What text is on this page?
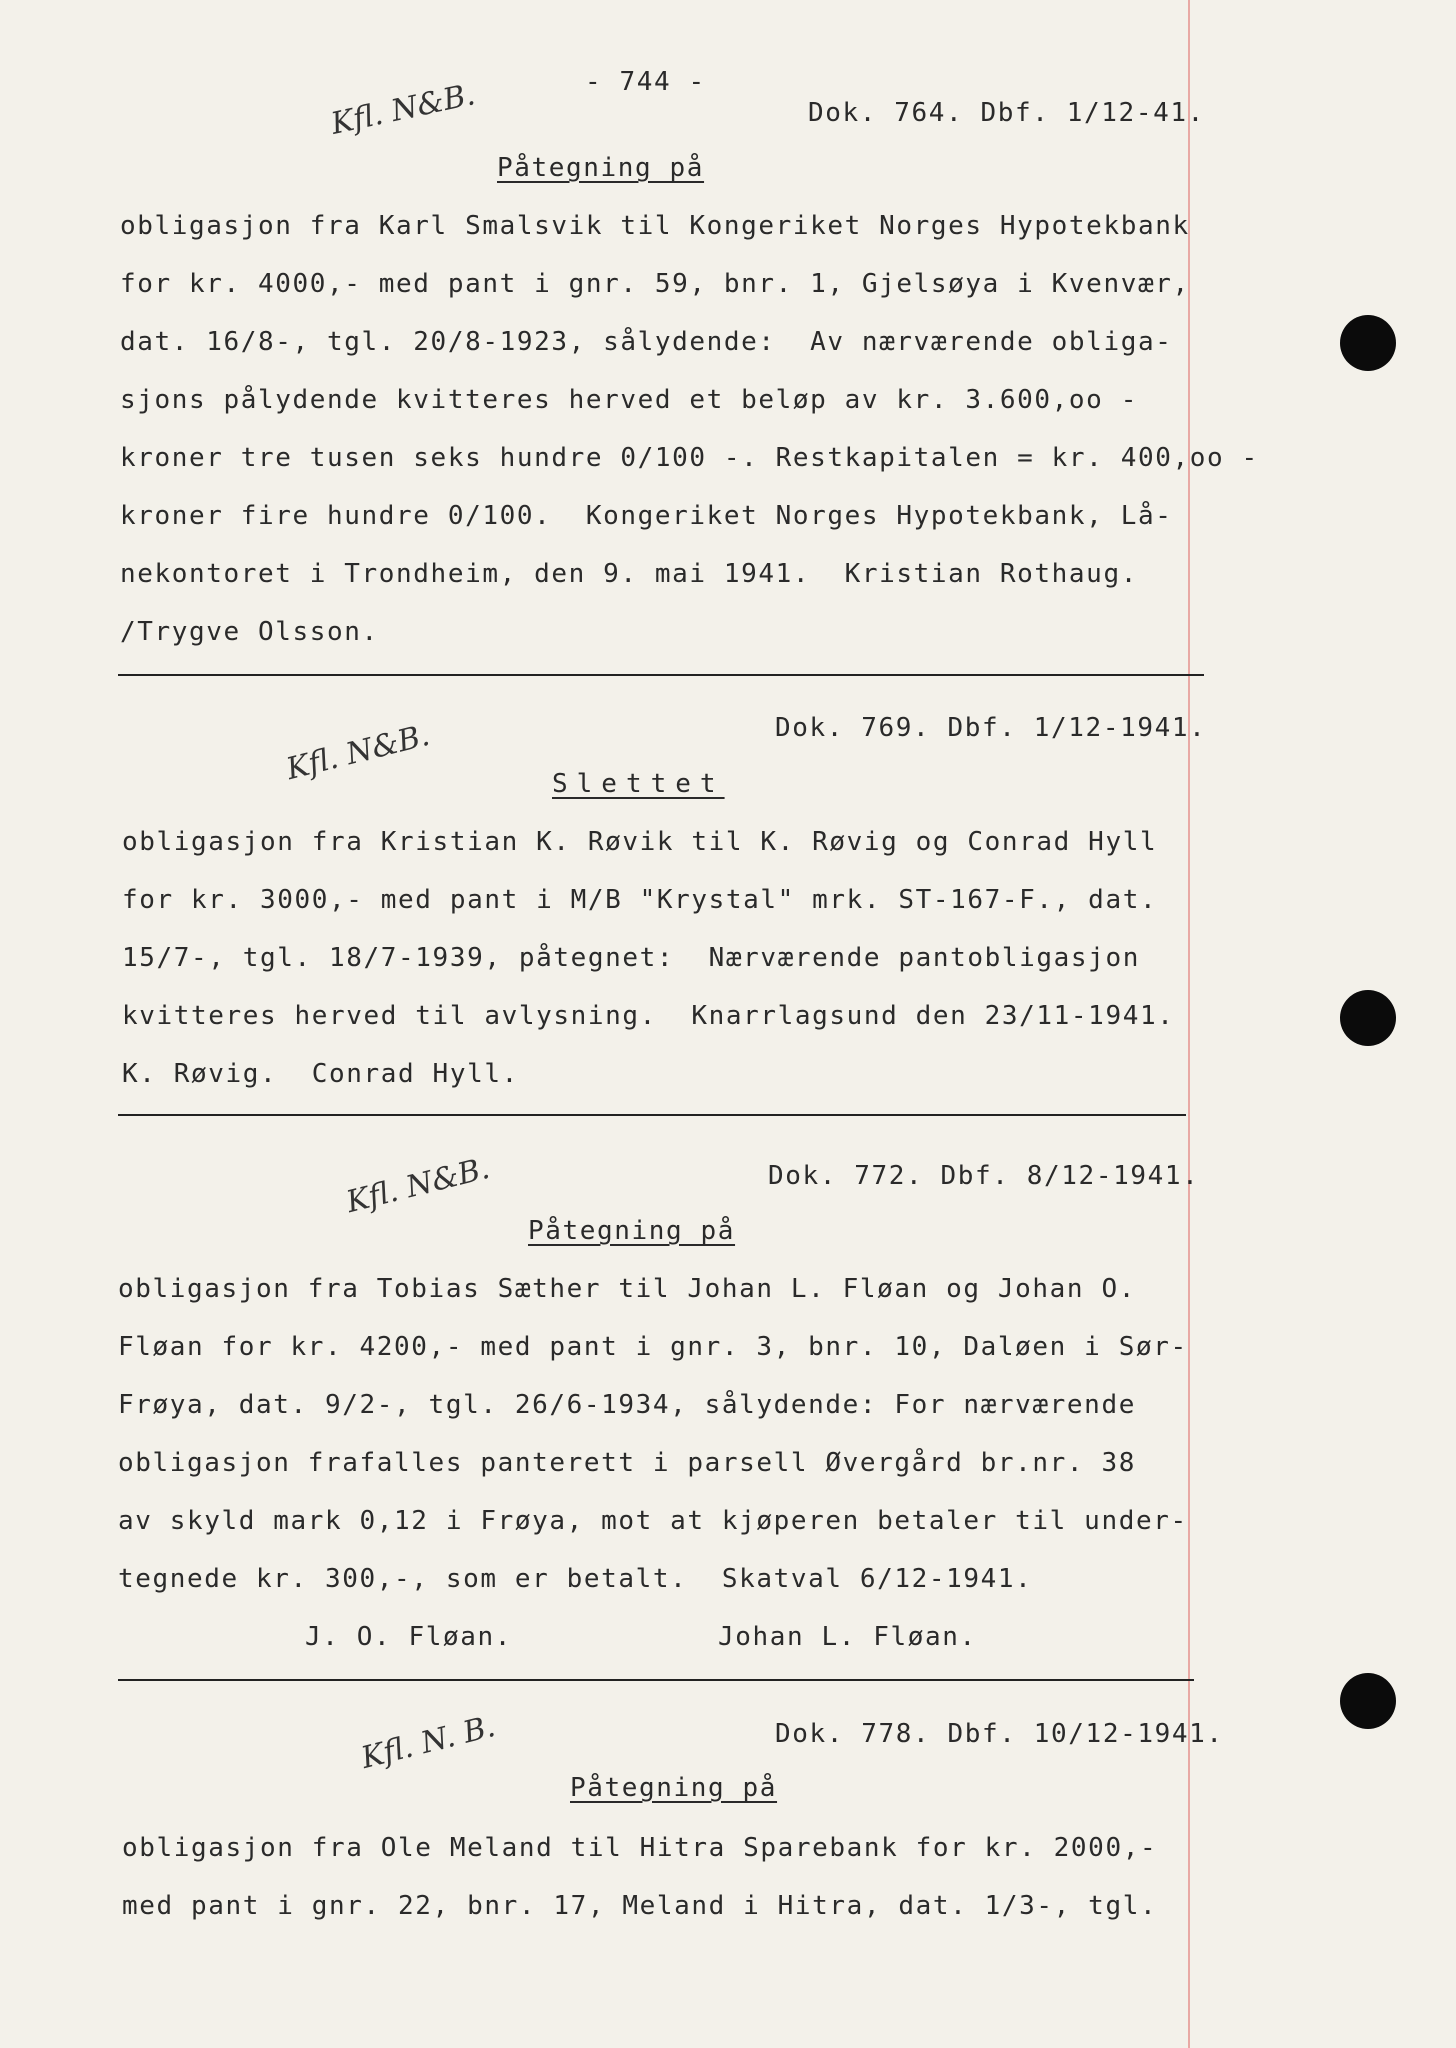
- 744 -
Kfl. N&B.	Dok. 764. Dbf. 1/12-41.
Påtegning på
obligasjon fra Karl Smalsvik til Kongeriket Norges Hypotekbank
for kr. 4000,- med pant i gnr. 59, bnr. 1, Gjelsøya i Kvenvær,
dat. 16/8-, tgl. 20/8-1923, sålydende:  Av nærværende obliga-
sjons pålydende kvitteres herved et beløp av kr. 3.600,oo -
kroner tre tusen seks hundre 0/100 -. Restkapitalen = kr. 400,oo -
kroner fire hundre 0/100.  Kongeriket Norges Hypotekbank, Lå-
nekontoret i Trondheim, den 9. mai 1941.  Kristian Rothaug.
/Trygve Olsson.
Kfl. N&B.	Dok. 769. Dbf. 1/12-1941.
Slettet
obligasjon fra Kristian K. Røvik til K. Røvig og Conrad Hyll
for kr. 3000,- med pant i M/B "Krystal" mrk. ST-167-F., dat.
15/7-, tgl. 18/7-1939, påtegnet:  Nærværende pantobligasjon
kvitteres herved til avlysning.  Knarrlagsund den 23/11-1941.
K. Røvig.  Conrad Hyll.
Kfl. N&B.	Dok. 772. Dbf. 8/12-1941.
Påtegning på
obligasjon fra Tobias Sæther til Johan L. Fløan og Johan O.
Fløan for kr. 4200,- med pant i gnr. 3, bnr. 10, Daløen i Sør-
Frøya, dat. 9/2-, tgl. 26/6-1934, sålydende: For nærværende
obligasjon frafalles panterett i parsell Øvergård br.nr. 38
av skyld mark 0,12 i Frøya, mot at kjøperen betaler til under-
tegnede kr. 300,-, som er betalt.  Skatval 6/12-1941.
J. O. Fløan.	Johan L. Fløan.
Kfl. N. B.	Dok. 778. Dbf. 10/12-1941.
Påtegning på
obligasjon fra Ole Meland til Hitra Sparebank for kr. 2000,-
med pant i gnr. 22, bnr. 17, Meland i Hitra, dat. 1/3-, tgl.
